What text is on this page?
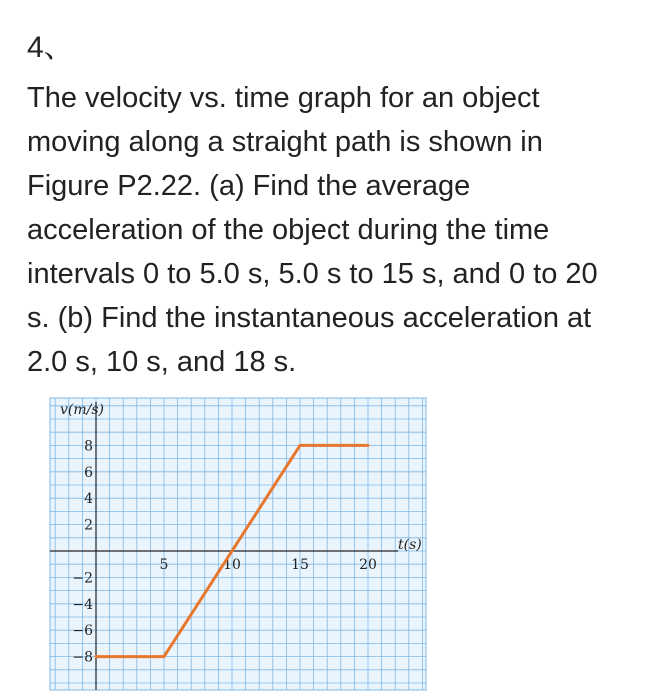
4、
The velocity vs. time graph for an object moving along a straight path is shown in Figure P2.22. (a) Find the average acceleration of the object during the time intervals 0 to 5.0 s, 5.0 s to 15 s, and 0 to 20 s. (b) Find the instantaneous acceleration at 2.0 s, 10 s, and 18 s.
5	10	15	20
8
6
4
2
−2
−4
−6
−8
v(m/s)
t(s)
